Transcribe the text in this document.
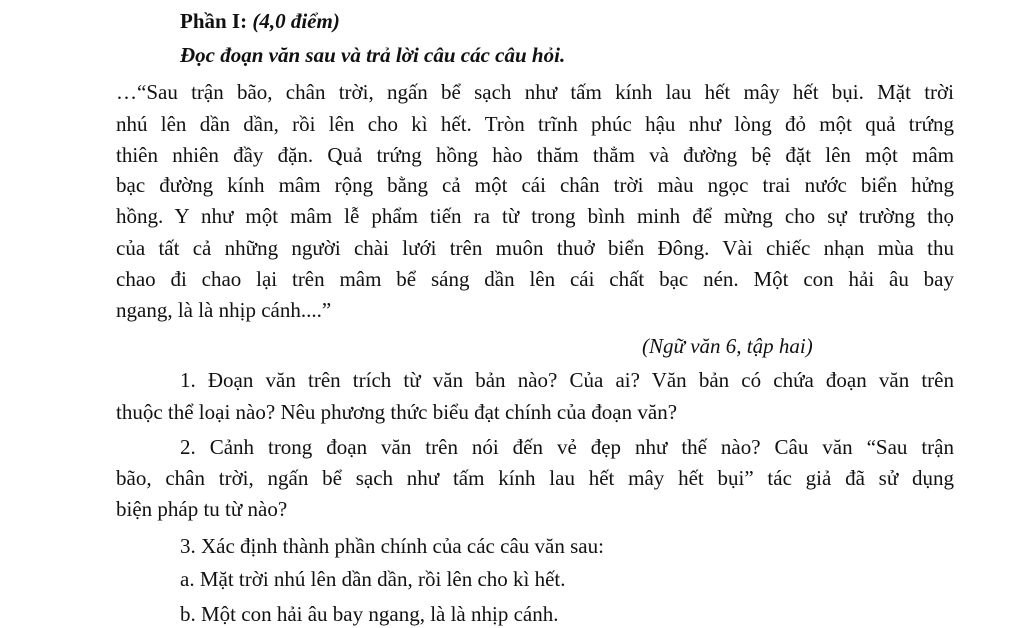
Phần I: (4,0 điểm)
Đọc đoạn văn sau và trả lời câu các câu hỏi.
…“Sau trận bão, chân trời, ngấn bể sạch như tấm kính lau hết mây hết bụi. Mặt trời
nhú lên dần dần, rồi lên cho kì hết. Tròn trĩnh phúc hậu như lòng đỏ một quả trứng
thiên nhiên đầy đặn. Quả trứng hồng hào thăm thẳm và đường bệ đặt lên một mâm
bạc đường kính mâm rộng bằng cả một cái chân trời màu ngọc trai nước biển hửng
hồng. Y như một mâm lễ phẩm tiến ra từ trong bình minh để mừng cho sự trường thọ
của tất cả những người chài lưới trên muôn thuở biển Đông. Vài chiếc nhạn mùa thu
chao đi chao lại trên mâm bể sáng dần lên cái chất bạc nén. Một con hải âu bay
ngang, là là nhịp cánh....”
(Ngữ văn 6, tập hai)
1. Đoạn văn trên trích từ văn bản nào? Của ai? Văn bản có chứa đoạn văn trên
thuộc thể loại nào? Nêu phương thức biểu đạt chính của đoạn văn?
2. Cảnh trong đoạn văn trên nói đến vẻ đẹp như thế nào? Câu văn “Sau trận
bão, chân trời, ngấn bể sạch như tấm kính lau hết mây hết bụi” tác giả đã sử dụng
biện pháp tu từ nào?
3. Xác định thành phần chính của các câu văn sau:
a. Mặt trời nhú lên dần dần, rồi lên cho kì hết.
b. Một con hải âu bay ngang, là là nhịp cánh.
